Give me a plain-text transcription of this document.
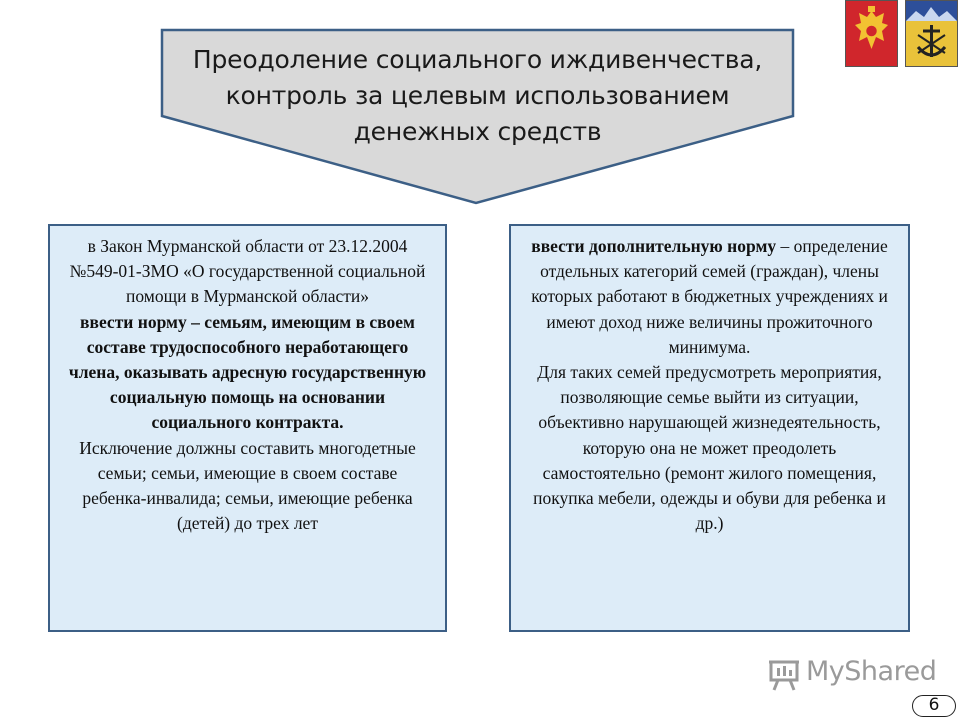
Преодоление социального иждивенчества,
контроль за целевым использованием
денежных средств

в Закон Мурманской области от 23.12.2004 №549-01-ЗМО «О государственной социальной помощи в Мурманской области»

ввести норму – семьям, имеющим в своем составе трудоспособного неработающего члена, оказывать адресную государственную социальную помощь на основании социального контракта.

Исключение должны составить многодетные семьи; семьи, имеющие в своем составе ребенка-инвалида; семьи, имеющие ребенка (детей) до трех лет

ввести дополнительную норму – определение отдельных категорий семей (граждан), члены которых работают в бюджетных учреждениях и имеют доход ниже величины прожиточного минимума.

Для таких семей предусмотреть мероприятия, позволяющие семье выйти из ситуации, объективно нарушающей жизнедеятельность, которую она не может преодолеть самостоятельно (ремонт жилого помещения, покупка мебели, одежды и обуви для ребенка и др.)

MyShared
6
